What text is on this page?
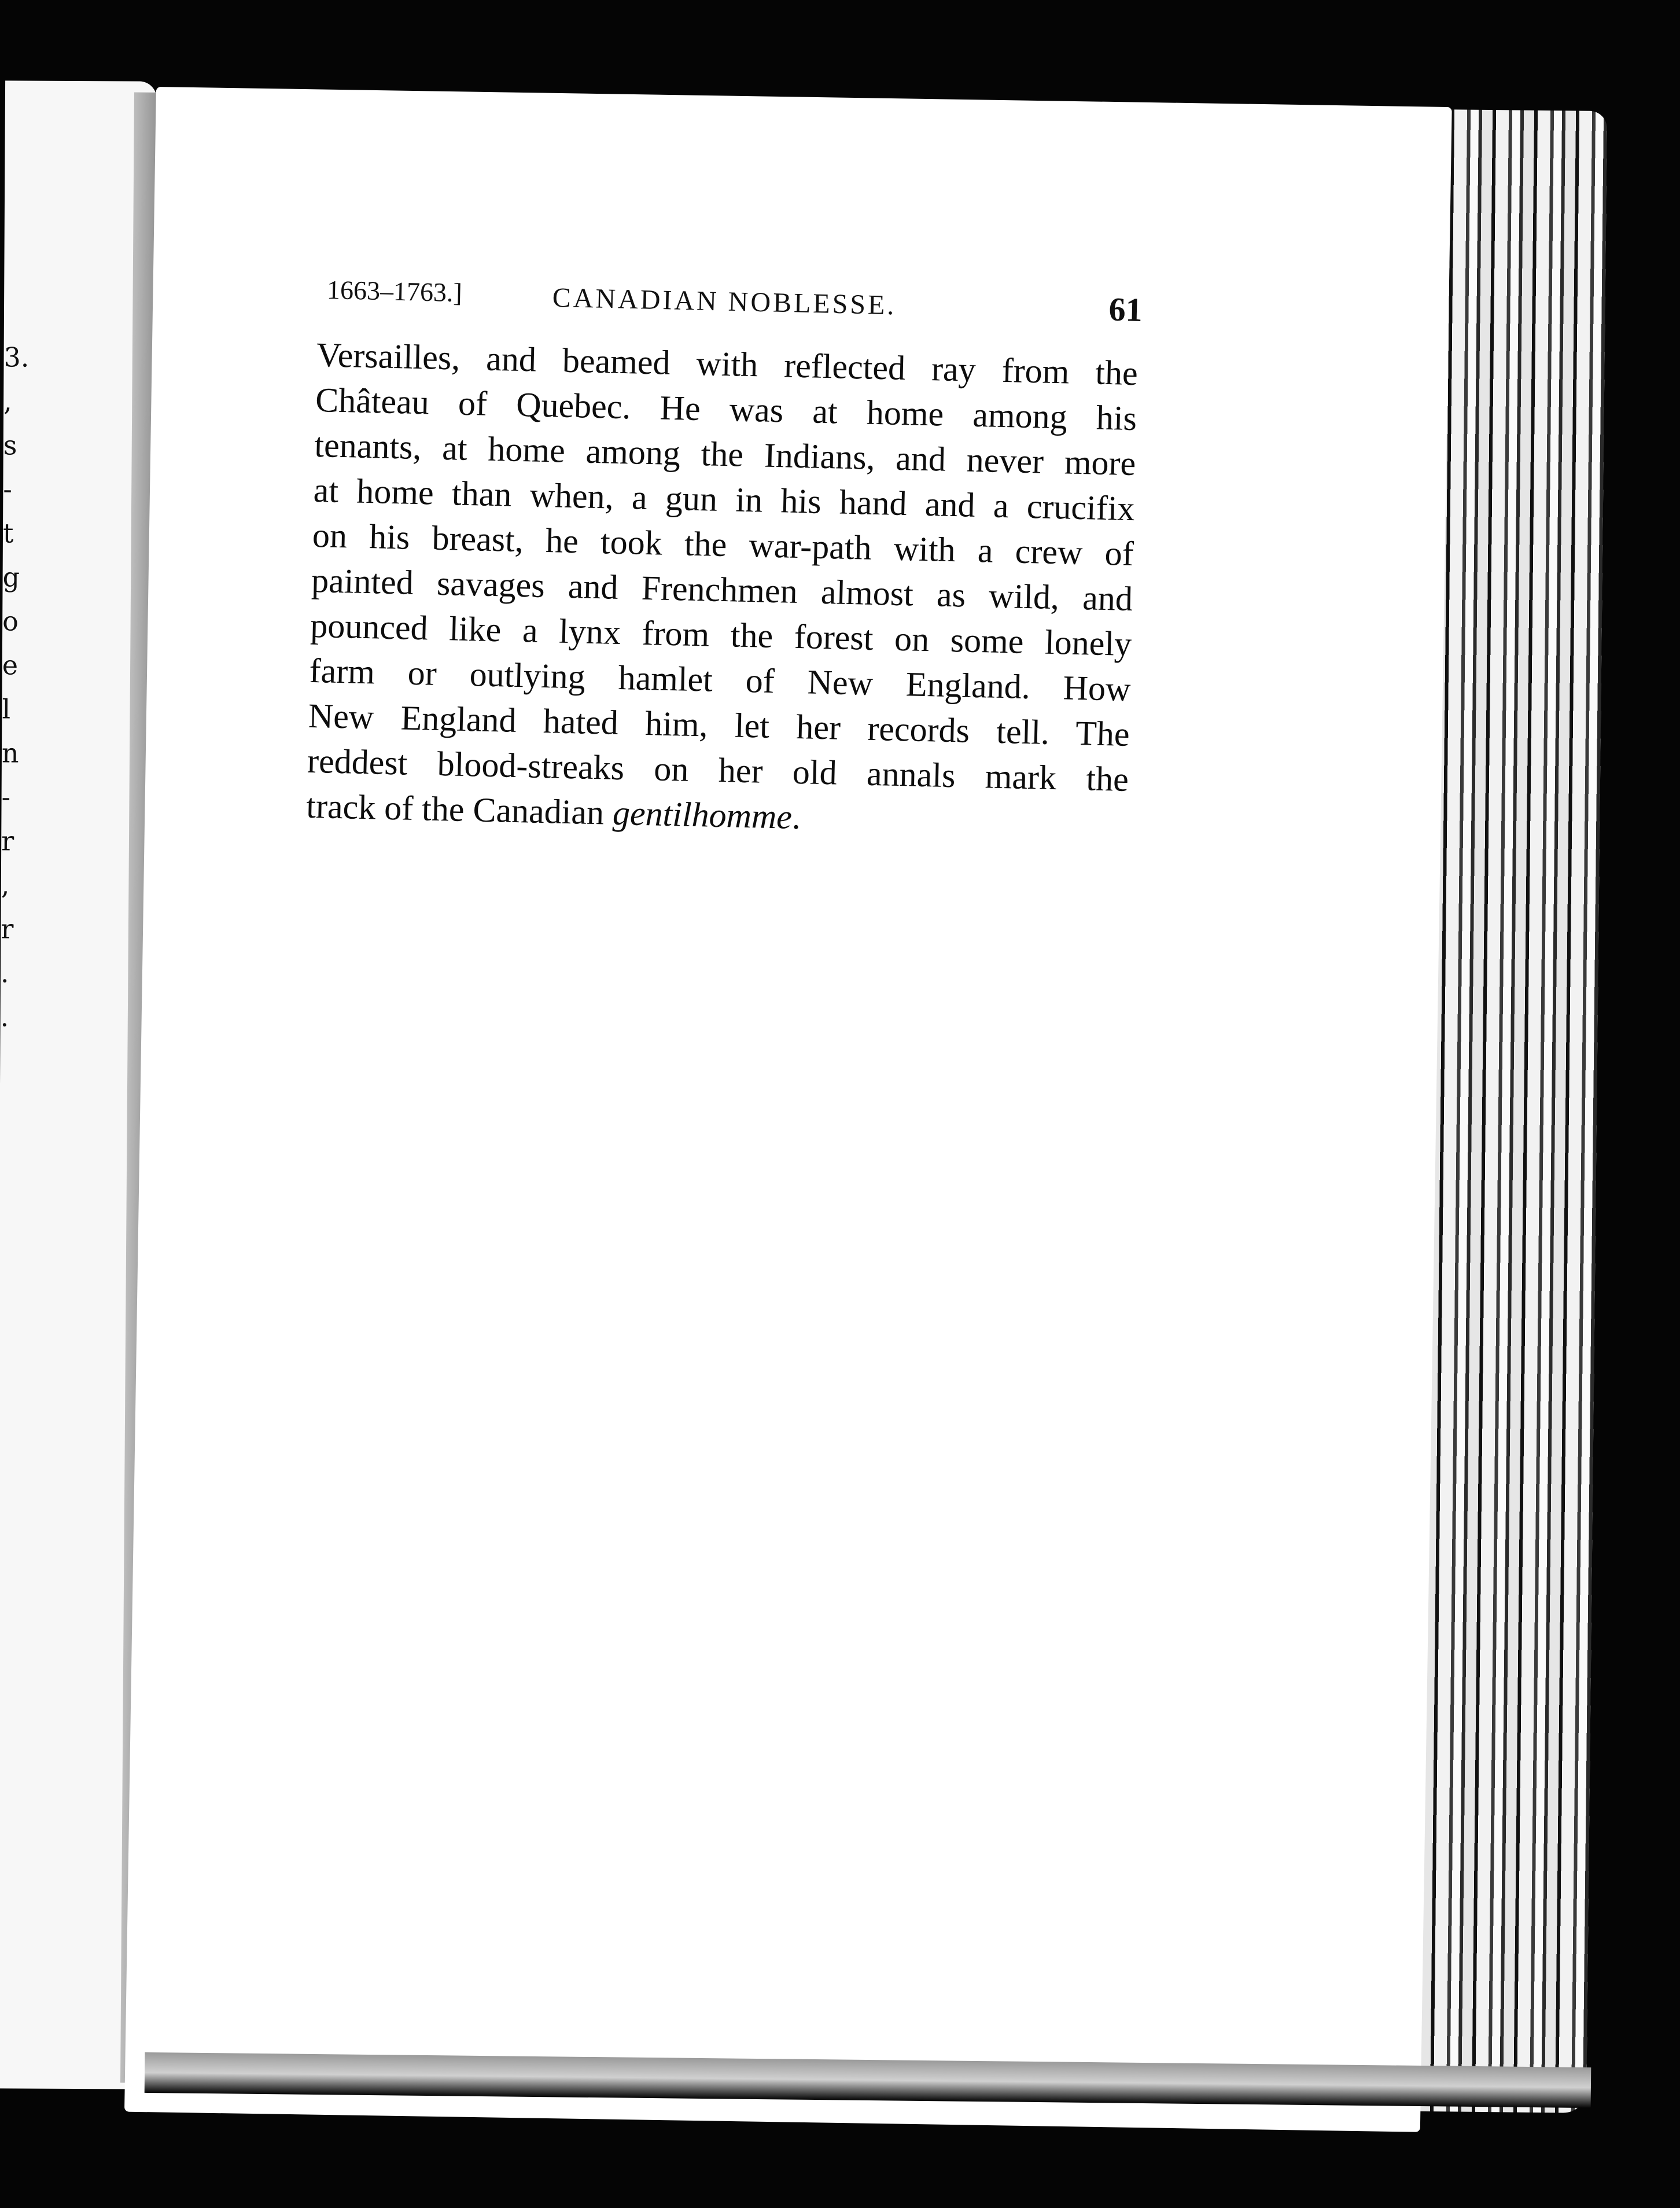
3.
,
s
-
t
g
o
e
l
n
-
r
,
r
.
.
1663–1763.]	CANADIAN NOBLESSE.	61
Versailles, and beamed with reflected ray from the
Château of Quebec. He was at home among his
tenants, at home among the Indians, and never more
at home than when, a gun in his hand and a crucifix
on his breast, he took the war-path with a crew of
painted savages and Frenchmen almost as wild, and
pounced like a lynx from the forest on some lonely
farm or outlying hamlet of New England. How
New England hated him, let her records tell. The
reddest blood-streaks on her old annals mark the
track of the Canadian gentilhomme.
